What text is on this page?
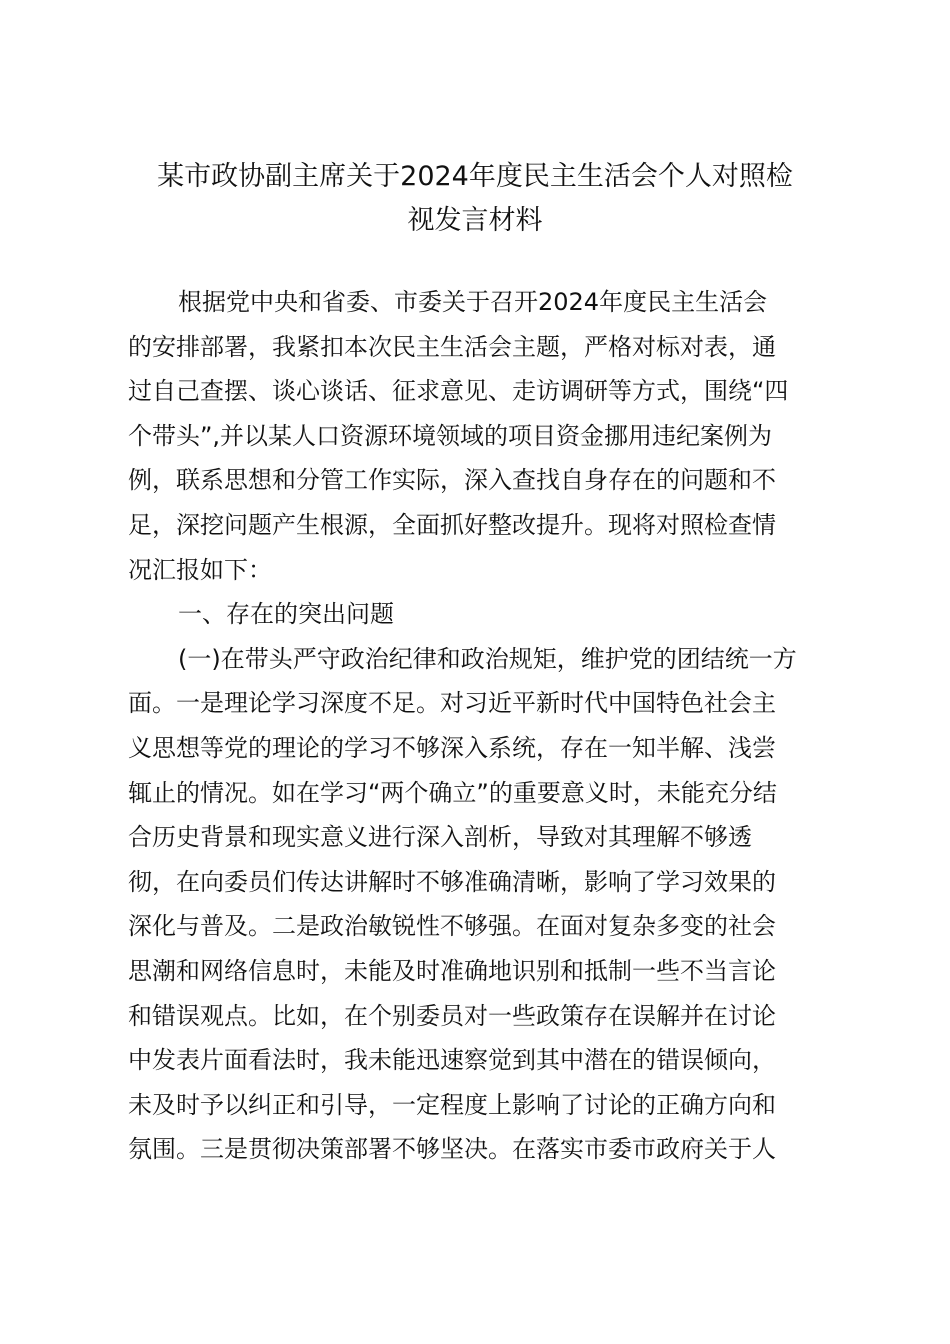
某市政协副主席关于2024年度民主生活会个人对照检
视发言材料
根据党中央和省委、市委关于召开2024年度民主生活会
的安排部署，我紧扣本次民主生活会主题，严格对标对表，通
过自己查摆、谈心谈话、征求意见、走访调研等方式，围绕“四
个带头”,并以某人口资源环境领域的项目资金挪用违纪案例为
例，联系思想和分管工作实际，深入查找自身存在的问题和不
足，深挖问题产生根源，全面抓好整改提升。现将对照检查情
况汇报如下：
一、存在的突出问题
(一)在带头严守政治纪律和政治规矩，维护党的团结统一方
面。一是理论学习深度不足。对习近平新时代中国特色社会主
义思想等党的理论的学习不够深入系统，存在一知半解、浅尝
辄止的情况。如在学习“两个确立”的重要意义时，未能充分结
合历史背景和现实意义进行深入剖析，导致对其理解不够透
彻，在向委员们传达讲解时不够准确清晰，影响了学习效果的
深化与普及。二是政治敏锐性不够强。在面对复杂多变的社会
思潮和网络信息时，未能及时准确地识别和抵制一些不当言论
和错误观点。比如，在个别委员对一些政策存在误解并在讨论
中发表片面看法时，我未能迅速察觉到其中潜在的错误倾向，
未及时予以纠正和引导，一定程度上影响了讨论的正确方向和
氛围。三是贯彻决策部署不够坚决。在落实市委市政府关于人
